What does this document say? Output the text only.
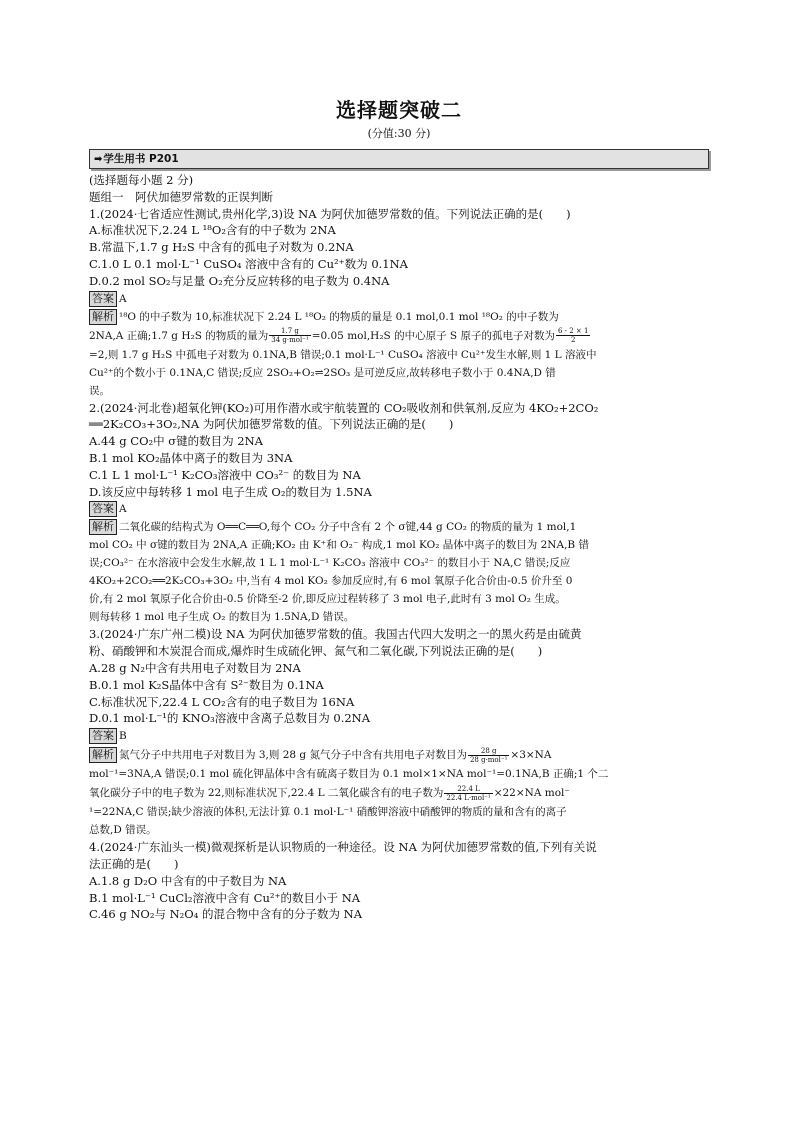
选择题突破二
(分值:30 分)
➡学生用书 P201
(选择题每小题 2 分)
题组一　阿伏加德罗常数的正误判断
1.(2024·七省适应性测试,贵州化学,3)设 NA 为阿伏加德罗常数的值。下列说法正确的是(　　)
A.标准状况下,2.24 L ¹⁸O₂含有的中子数为 2NA
B.常温下,1.7 g H₂S 中含有的孤电子对数为 0.2NA
C.1.0 L 0.1 mol·L⁻¹ CuSO₄ 溶液中含有的 Cu²⁺数为 0.1NA
D.0.2 mol SO₂与足量 O₂充分反应转移的电子数为 0.4NA
答案 A
解析 ¹⁸O 的中子数为 10,标准状况下 2.24 L ¹⁸O₂ 的物质的量是 0.1 mol,0.1 mol ¹⁸O₂ 的中子数为
2NA,A 正确;1.7 g H₂S 的物质的量为 $\frac{1.7 g}{\text{34 g·mol⁻¹}} =0.05$ mol,H₂S 的中心原子 S 原子的孤电子对数为 $\frac{6 - 2 \times 1}{2}$
=2,则 1.7 g H₂S 中孤电子对数为 0.1NA,B 错误;0.1 mol·L⁻¹ CuSO₄ 溶液中 Cu²⁺发生水解,则 1 L 溶液中
Cu²⁺的个数小于 0.1NA,C 错误;反应 2SO₂+O₂⇌2SO₃ 是可逆反应,故转移电子数小于 0.4NA,D 错
误。
2.(2024·河北卷)超氧化钾(KO₂)可用作潜水或宇航装置的 CO₂吸收剂和供氧剂,反应为 4KO₂+2CO₂
══2K₂CO₃+3O₂,NA 为阿伏加德罗常数的值。下列说法正确的是(　　)
A.44 g CO₂中 σ键的数目为 2NA
B.1 mol KO₂晶体中离子的数目为 3NA
C.1 L 1 mol·L⁻¹ K₂CO₃溶液中 CO₃²⁻ 的数目为 NA
D.该反应中每转移 1 mol 电子生成 O₂的数目为 1.5NA
答案 A
解析 二氧化碳的结构式为 O══C══O,每个 CO₂ 分子中含有 2 个 σ键,44 g CO₂ 的物质的量为 1 mol,1
mol CO₂ 中 σ键的数目为 2NA,A 正确;KO₂ 由 K⁺和 O₂⁻ 构成,1 mol KO₂ 晶体中离子的数目为 2NA,B 错
误;CO₃²⁻ 在水溶液中会发生水解,故 1 L 1 mol·L⁻¹ K₂CO₃ 溶液中 CO₃²⁻ 的数目小于 NA,C 错误;反应
4KO₂+2CO₂══2K₂CO₃+3O₂ 中,当有 4 mol KO₂ 参加反应时,有 6 mol 氧原子化合价由-0.5 价升至 0
价,有 2 mol 氧原子化合价由-0.5 价降至-2 价,即反应过程转移了 3 mol 电子,此时有 3 mol O₂ 生成。
则每转移 1 mol 电子生成 O₂ 的数目为 1.5NA,D 错误。
3.(2024·广东广州二模)设 NA 为阿伏加德罗常数的值。我国古代四大发明之一的黑火药是由硫黄
粉、硝酸钾和木炭混合而成,爆炸时生成硫化钾、氮气和二氧化碳,下列说法正确的是(　　)
A.28 g N₂中含有共用电子对数目为 2NA
B.0.1 mol K₂S晶体中含有 S²⁻数目为 0.1NA
C.标准状况下,22.4 L CO₂含有的电子数目为 16NA
D.0.1 mol·L⁻¹的 KNO₃溶液中含离子总数目为 0.2NA
答案 B
解析 氮气分子中共用电子对数目为 3,则 28 g 氮气分子中含有共用电子对数目为 $\frac{28 g}{\text{28 g·mol⁻¹}} \times 3\times NA$
mol⁻¹=3NA,A 错误;0.1 mol 硫化钾晶体中含有硫离子数目为 0.1 mol×1×NA mol⁻¹=0.1NA,B 正确;1 个二
氧化碳分子中的电子数为 22,则标准状况下,22.4 L 二氧化碳含有的电子数为 $\frac{22.4 L}{\text{22.4 L·mol⁻¹}} \times 22\times NA$ mol⁻
¹=22NA,C 错误;缺少溶液的体积,无法计算 0.1 mol·L⁻¹ 硝酸钾溶液中硝酸钾的物质的量和含有的离子
总数,D 错误。
4.(2024·广东汕头一模)微观探析是认识物质的一种途径。设 NA 为阿伏加德罗常数的值,下列有关说
法正确的是(　　)
A.1.8 g D₂O 中含有的中子数目为 NA
B.1 mol·L⁻¹ CuCl₂溶液中含有 Cu²⁺的数目小于 NA
C.46 g NO₂与 N₂O₄ 的混合物中含有的分子数为 NA
